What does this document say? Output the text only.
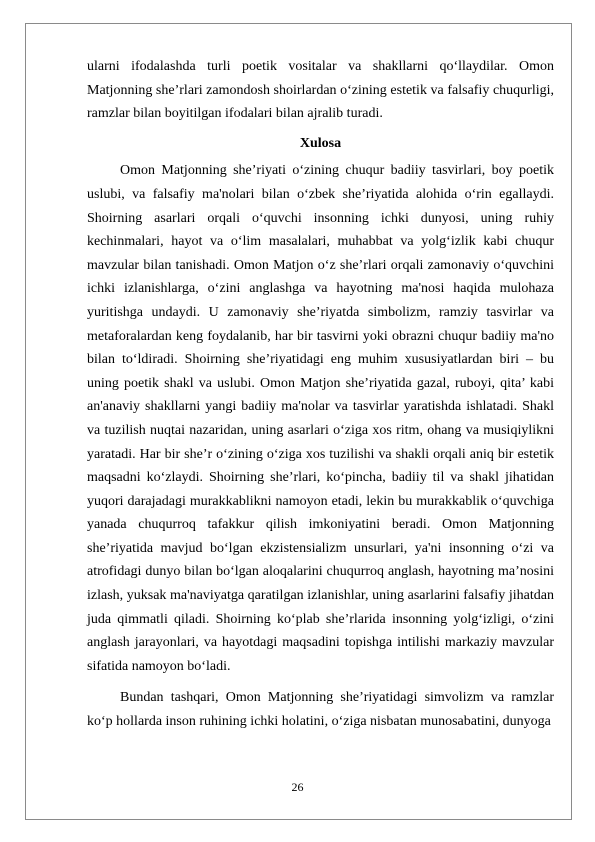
ularni ifodalashda turli poetik vositalar va shakllarni qo‘llaydilar. Omon Matjonning she’rlari zamondosh shoirlardan o‘zining estetik va falsafiy chuqurligi, ramzlar bilan boyitilgan ifodalari bilan ajralib turadi.

Xulosa

Omon Matjonning she’riyati o‘zining chuqur badiiy tasvirlari, boy poetik uslubi, va falsafiy ma'nolari bilan o‘zbek she’riyatida alohida o‘rin egallaydi. Shoirning asarlari orqali o‘quvchi insonning ichki dunyosi, uning ruhiy kechinmalari, hayot va o‘lim masalalari, muhabbat va yolg‘izlik kabi chuqur mavzular bilan tanishadi. Omon Matjon o‘z she’rlari orqali zamonaviy o‘quvchini ichki izlanishlarga, o‘zini anglashga va hayotning ma'nosi haqida mulohaza yuritishga undaydi. U zamonaviy she’riyatda simbolizm, ramziy tasvirlar va metaforalardan keng foydalanib, har bir tasvirni yoki obrazni chuqur badiiy ma'no bilan to‘ldiradi. Shoirning she’riyatidagi eng muhim xususiyatlardan biri – bu uning poetik shakl va uslubi. Omon Matjon she’riyatida gazal, ruboyi, qita’ kabi an'anaviy shakllarni yangi badiiy ma'nolar va tasvirlar yaratishda ishlatadi. Shakl va tuzilish nuqtai nazaridan, uning asarlari o‘ziga xos ritm, ohang va musiqiylikni yaratadi. Har bir she’r o‘zining o‘ziga xos tuzilishi va shakli orqali aniq bir estetik maqsadni ko‘zlaydi. Shoirning she’rlari, ko‘pincha, badiiy til va shakl jihatidan yuqori darajadagi murakkablikni namoyon etadi, lekin bu murakkablik o‘quvchiga yanada chuqurroq tafakkur qilish imkoniyatini beradi. Omon Matjonning she’riyatida mavjud bo‘lgan ekzistensializm unsurlari, ya'ni insonning o‘zi va atrofidagi dunyo bilan bo‘lgan aloqalarini chuqurroq anglash, hayotning ma’nosini izlash, yuksak ma'naviyatga qaratilgan izlanishlar, uning asarlarini falsafiy jihatdan juda qimmatli qiladi. Shoirning ko‘plab she’rlarida insonning yolg‘izligi, o‘zini anglash jarayonlari, va hayotdagi maqsadini topishga intilishi markaziy mavzular sifatida namoyon bo‘ladi.

Bundan tashqari, Omon Matjonning she’riyatidagi simvolizm va ramzlar ko‘p hollarda inson ruhining ichki holatini, o‘ziga nisbatan munosabatini, dunyoga

26
